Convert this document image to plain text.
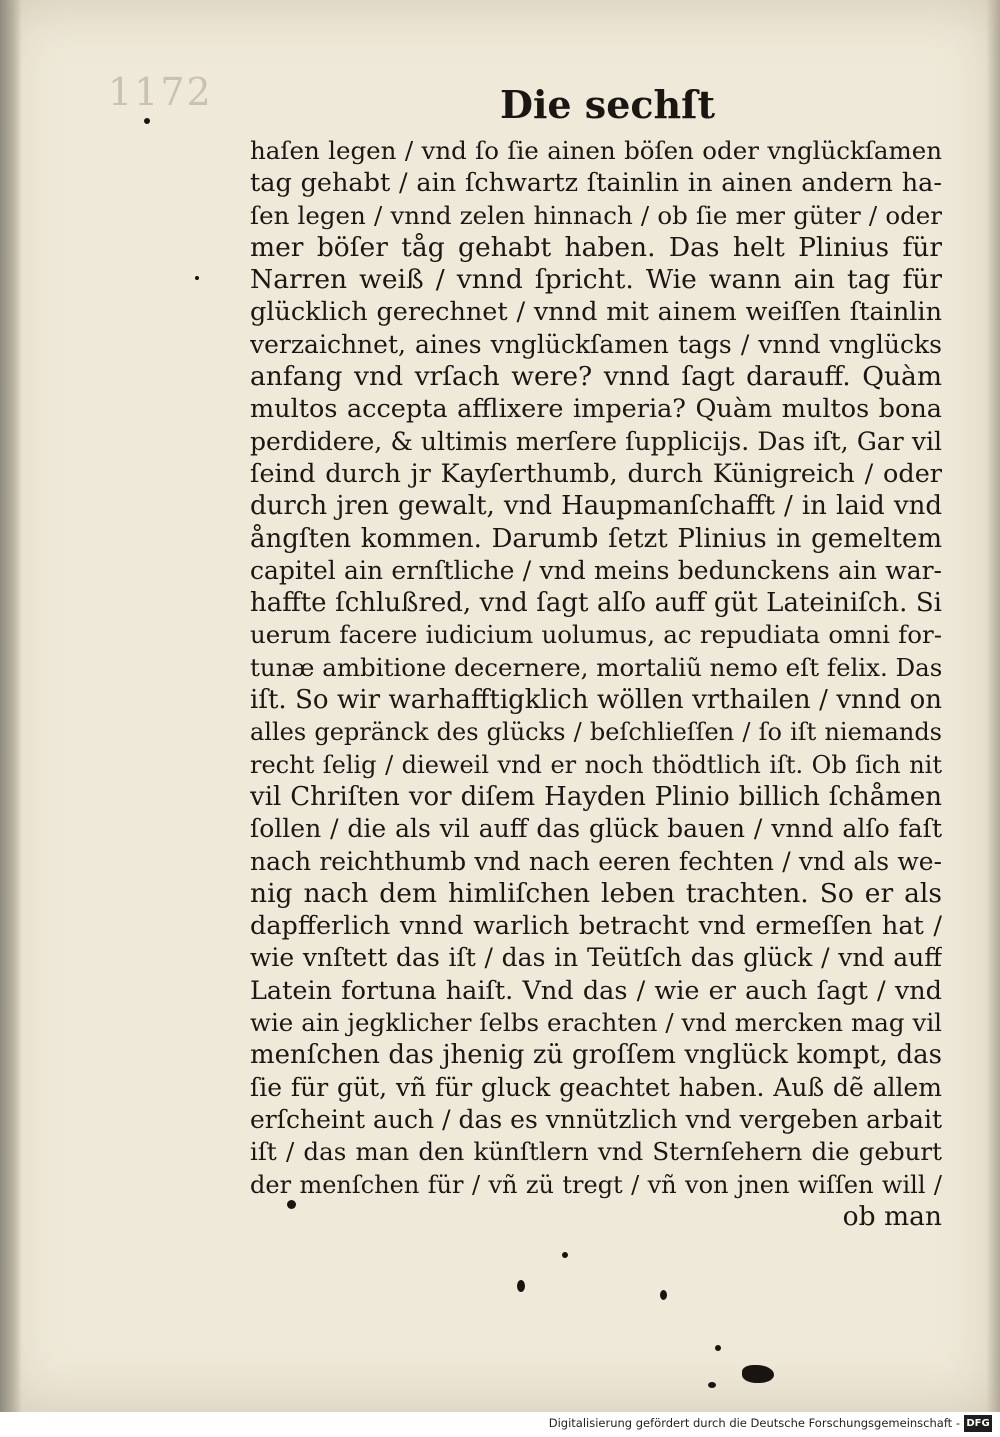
1172	Die sechſt
haſen legen / vnd ſo ſie ainen böſen oder vnglückſamen
tag gehabt / ain ſchwartz ſtainlin in ainen andern ha-
ſen legen / vnnd zelen hinnach / ob ſie mer güter / oder
mer böſer tåg gehabt haben. Das helt Plinius für
Narren weiß / vnnd ſpricht. Wie wann ain tag für
glücklich gerechnet / vnnd mit ainem weiſſen ſtainlin
verzaichnet, aines vnglückſamen tags / vnnd vnglücks
anfang vnd vrſach were? vnnd ſagt darauff. Quàm
multos accepta afflixere imperia? Quàm multos bona
perdidere, & ultimis merſere ſupplicijs. Das iſt, Gar vil
ſeind durch jr Kayſerthumb, durch Künigreich / oder
durch jren gewalt, vnd Haupmanſchafft / in laid vnd
ångſten kommen. Darumb ſetzt Plinius in gemeltem
capitel ain ernſtliche / vnd meins bedunckens ain war-
haffte ſchlußred, vnd ſagt alſo auff güt Lateiniſch. Si
uerum facere iudicium uolumus, ac repudiata omni for-
tunæ ambitione decernere, mortaliũ nemo eſt felix. Das
iſt. So wir warhafftigklich wöllen vrthailen / vnnd on
alles gepränck des glücks / beſchlieſſen / ſo iſt niemands
recht ſelig / dieweil vnd er noch thödtlich iſt. Ob ſich nit
vil Chriſten vor diſem Hayden Plinio billich ſchåmen
ſollen / die als vil auff das glück bauen / vnnd alſo faſt
nach reichthumb vnd nach eeren fechten / vnd als we-
nig nach dem himliſchen leben trachten. So er als
dapfferlich vnnd warlich betracht vnd ermeſſen hat /
wie vnſtett das iſt / das in Teütſch das glück / vnd auff
Latein fortuna haiſt. Vnd das / wie er auch ſagt / vnd
wie ain jegklicher ſelbs erachten / vnd mercken mag vil
menſchen das jhenig zü groſſem vnglück kompt, das
ſie für güt, vñ für gluck geachtet haben. Auß dẽ allem
erſcheint auch / das es vnnützlich vnd vergeben arbait
iſt / das man den künſtlern vnd Sternſehern die geburt
der menſchen für / vñ zü tregt / vñ von jnen wiſſen will /
ob man
Digitalisierung gefördert durch die Deutsche Forschungsgemeinschaft - DFG
